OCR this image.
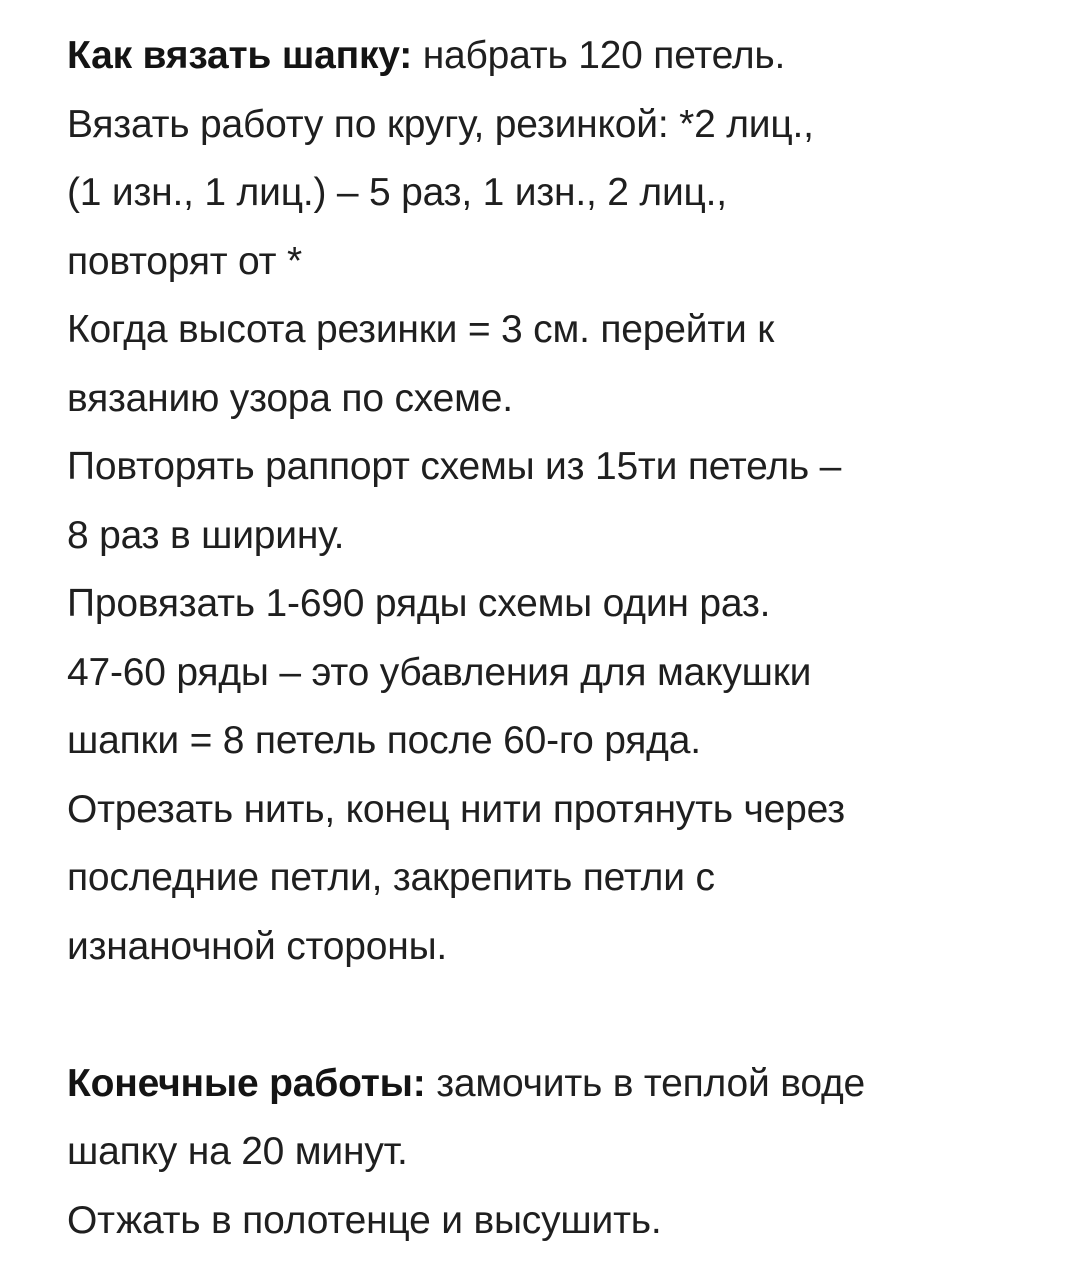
Как вязать шапку: набрать 120 петель.
Вязать работу по кругу, резинкой: *2 лиц.,
(1 изн., 1 лиц.) – 5 раз, 1 изн., 2 лиц.,
повторят от *
Когда высота резинки = 3 см. перейти к
вязанию узора по схеме.
Повторять раппорт схемы из 15ти петель –
8 раз в ширину.
Провязать 1-690 ряды схемы один раз.
47-60 ряды – это убавления для макушки
шапки = 8 петель после 60-го ряда.
Отрезать нить, конец нити протянуть через
последние петли, закрепить петли с
изнаночной стороны.
Конечные работы: замочить в теплой воде
шапку на 20 минут.
Отжать в полотенце и высушить.
